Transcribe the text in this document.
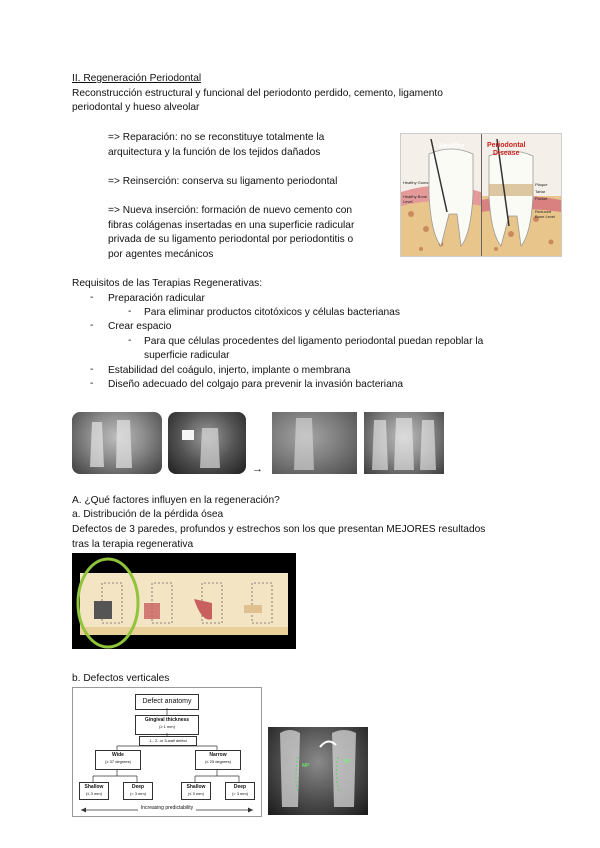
II. Regeneración Periodontal
Reconstrucción estructural y funcional del periodonto perdido, cemento, ligamento
periodontal y hueso alveolar
=> Reparación: no se reconstituye totalmente la
arquitectura y la función de los tejidos dañados
=> Reinserción: conserva su ligamento periodontal
=> Nueva inserción: formación de nuevo cemento con
fibras colágenas insertadas en una superficie radicular
privada de su ligamento periodontal por periodontitis o
por agentes mecánicos
Healthy	Periodontal
Disease
Healthy Gums
Healthy Bone Level
Plaque
Tartar
Pocket
Reduced Bone Level
Requisitos de las Terapias Regenerativas:
- Preparación radicular
- Para eliminar productos citotóxicos y células bacterianas
- Crear espacio
- Para que células procedentes del ligamento periodontal puedan repoblar la
superficie radicular
- Estabilidad del coágulo, injerto, implante o membrana
- Diseño adecuado del colgajo para prevenir la invasión bacteriana
→
A. ¿Qué factores influyen en la regeneración?
a. Distribución de la pérdida ósea
Defectos de 3 paredes, profundos y estrechos son los que presentan MEJORES resultados
tras la terapia regenerativa
b. Defectos verticales
Defect anatomy
Gingival thickness
(≥ 1 mm)
1-, 2- or 3-wall defect
Wide
(≥ 37 degrees)
Narrow
(≤ 25 degrees)
Shallow
(≤ 3 mm)
Deep
(> 3 mm)
Shallow
(≤ 3 mm)
Deep
(> 3 mm)
Increasing predictability
MP
BP
